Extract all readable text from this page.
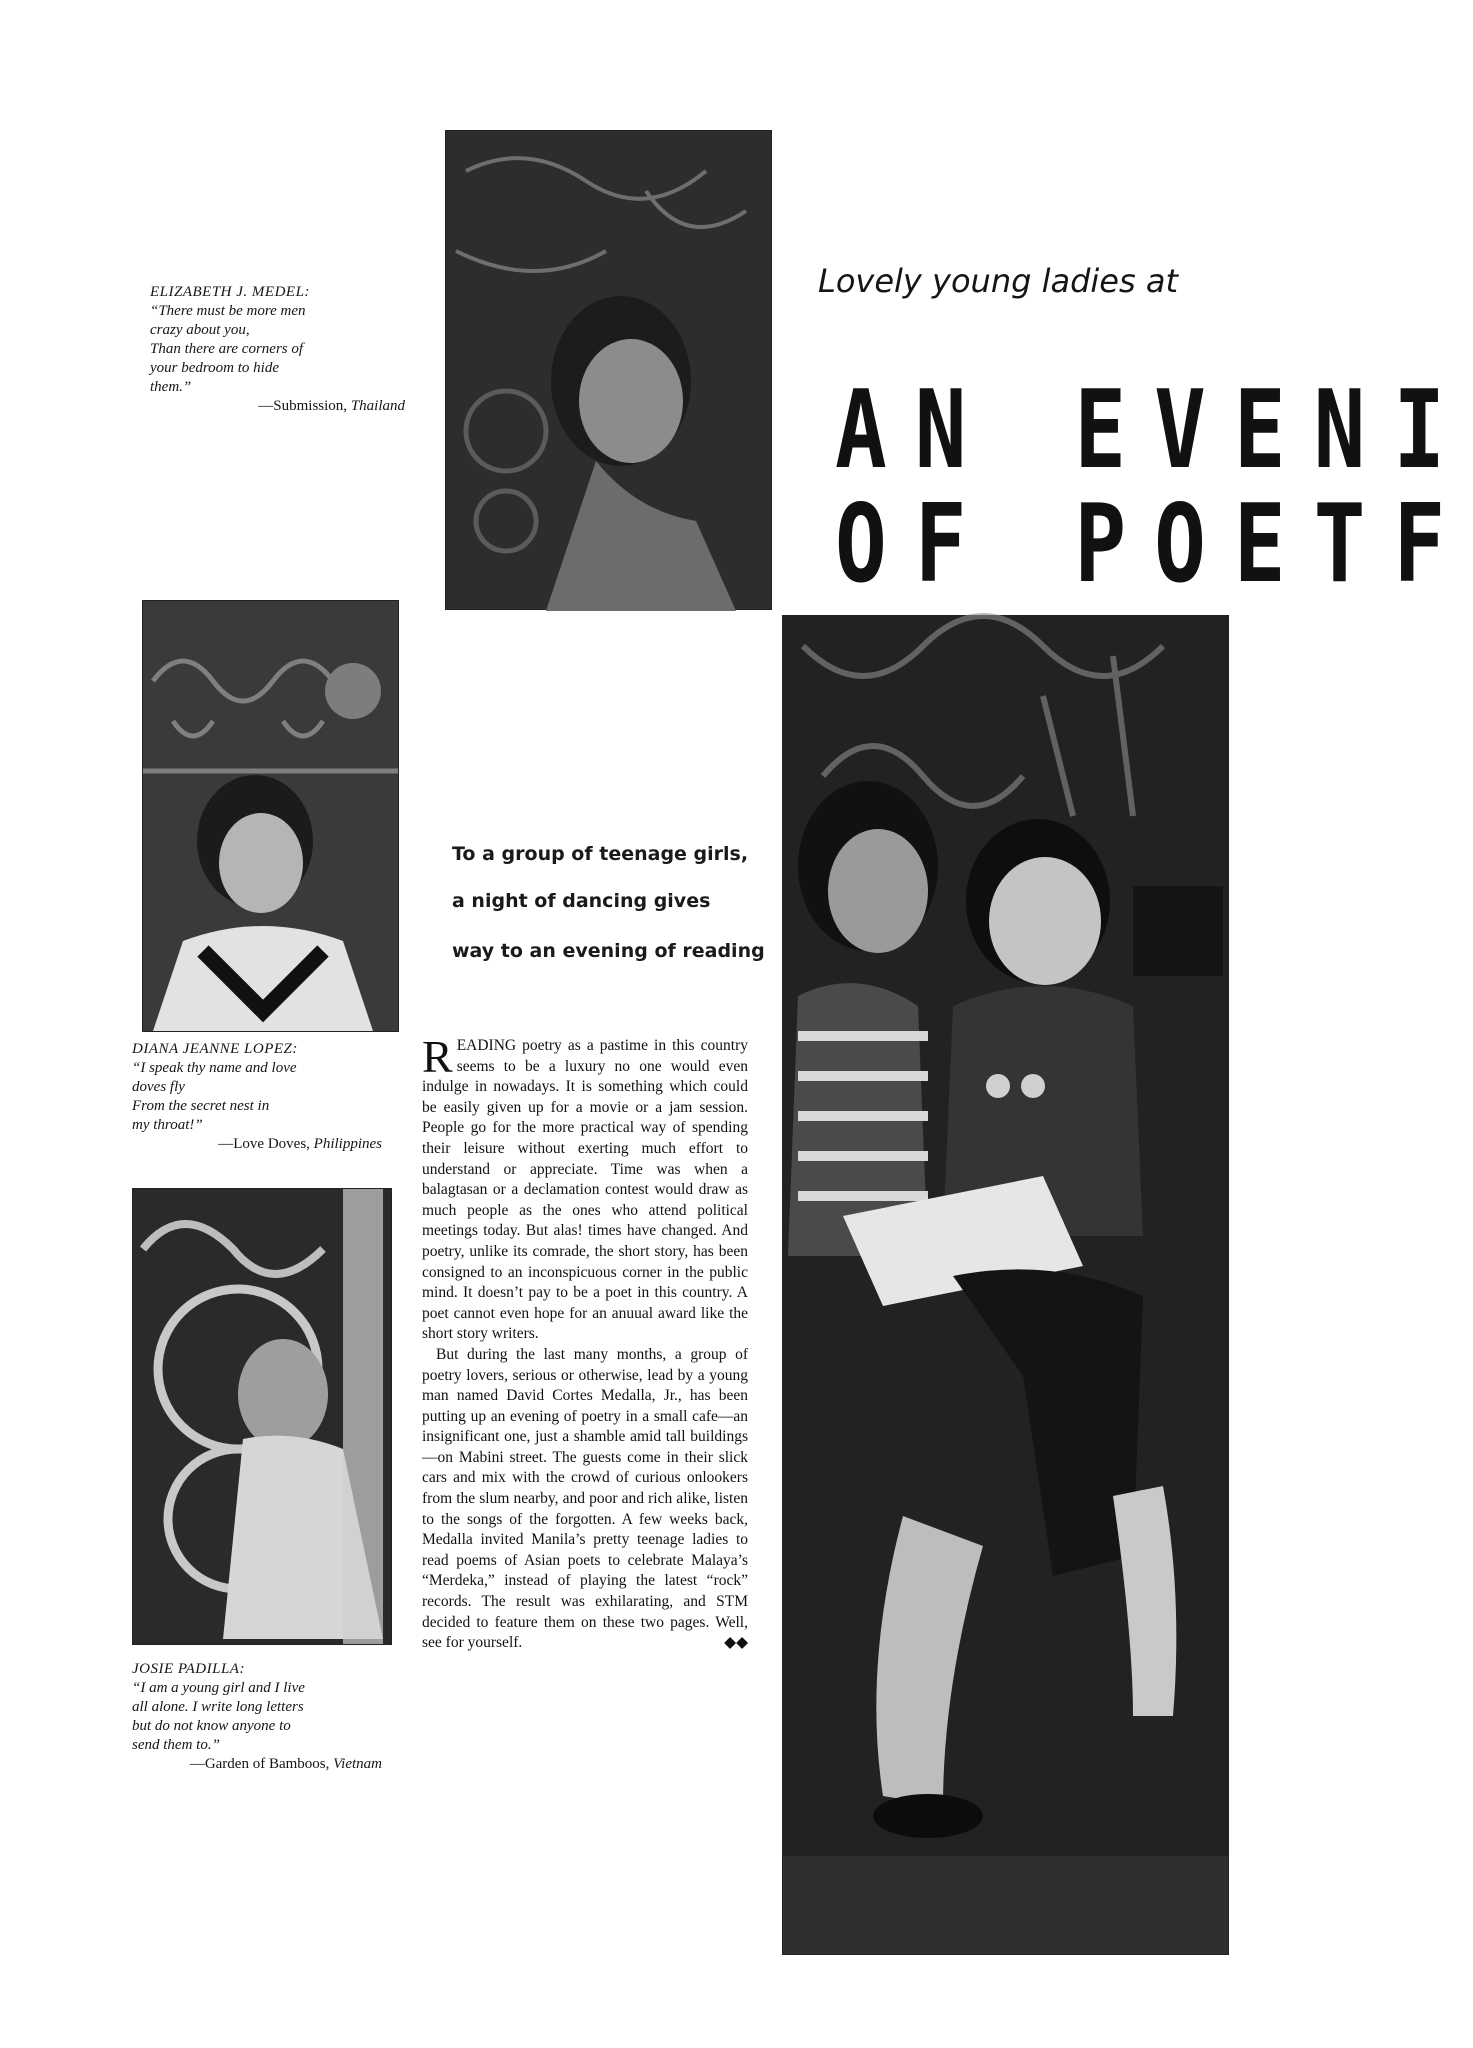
ELIZABETH J. MEDEL:
“There must be more men
crazy about you,
Than there are corners of
your bedroom to hide
them.”
—Submission, Thailand
Lovely young ladies at
AN EVENI
OF POETF
To a group of teenage girls,
a night of dancing gives
way to an evening of reading
DIANA JEANNE LOPEZ:
“I speak thy name and love
doves fly
From the secret nest in
my throat!”
—Love Doves, Philippines
JOSIE PADILLA:
“I am a young girl and I live
all alone. I write long letters
but do not know anyone to
send them to.”
—Garden of Bamboos, Vietnam
READING poetry as a pastime in this country seems to be a luxury no one would even indulge in nowadays. It is something which could be easily given up for a movie or a jam session. People go for the more practical way of spending their leisure without exerting much effort to understand or appreciate. Time was when a balagtasan or a declamation contest would draw as much people as the ones who attend political meetings today. But alas! times have changed. And poetry, unlike its comrade, the short story, has been consigned to an inconspicuous corner in the public mind. It doesn’t pay to be a poet in this country. A poet cannot even hope for an anuual award like the short story writers.
But during the last many months, a group of poetry lovers, serious or otherwise, lead by a young man named David Cortes Medalla, Jr., has been putting up an evening of poetry in a small cafe—an insignificant one, just a shamble amid tall buildings—on Mabini street. The guests come in their slick cars and mix with the crowd of curious onlookers from the slum nearby, and poor and rich alike, listen to the songs of the forgotten. A few weeks back, Medalla invited Manila’s pretty teenage ladies to read poems of Asian poets to celebrate Malaya’s “Merdeka,” instead of playing the latest “rock” records. The result was exhilarating, and STM decided to feature them on these two pages. Well, see for yourself.	◆◆
